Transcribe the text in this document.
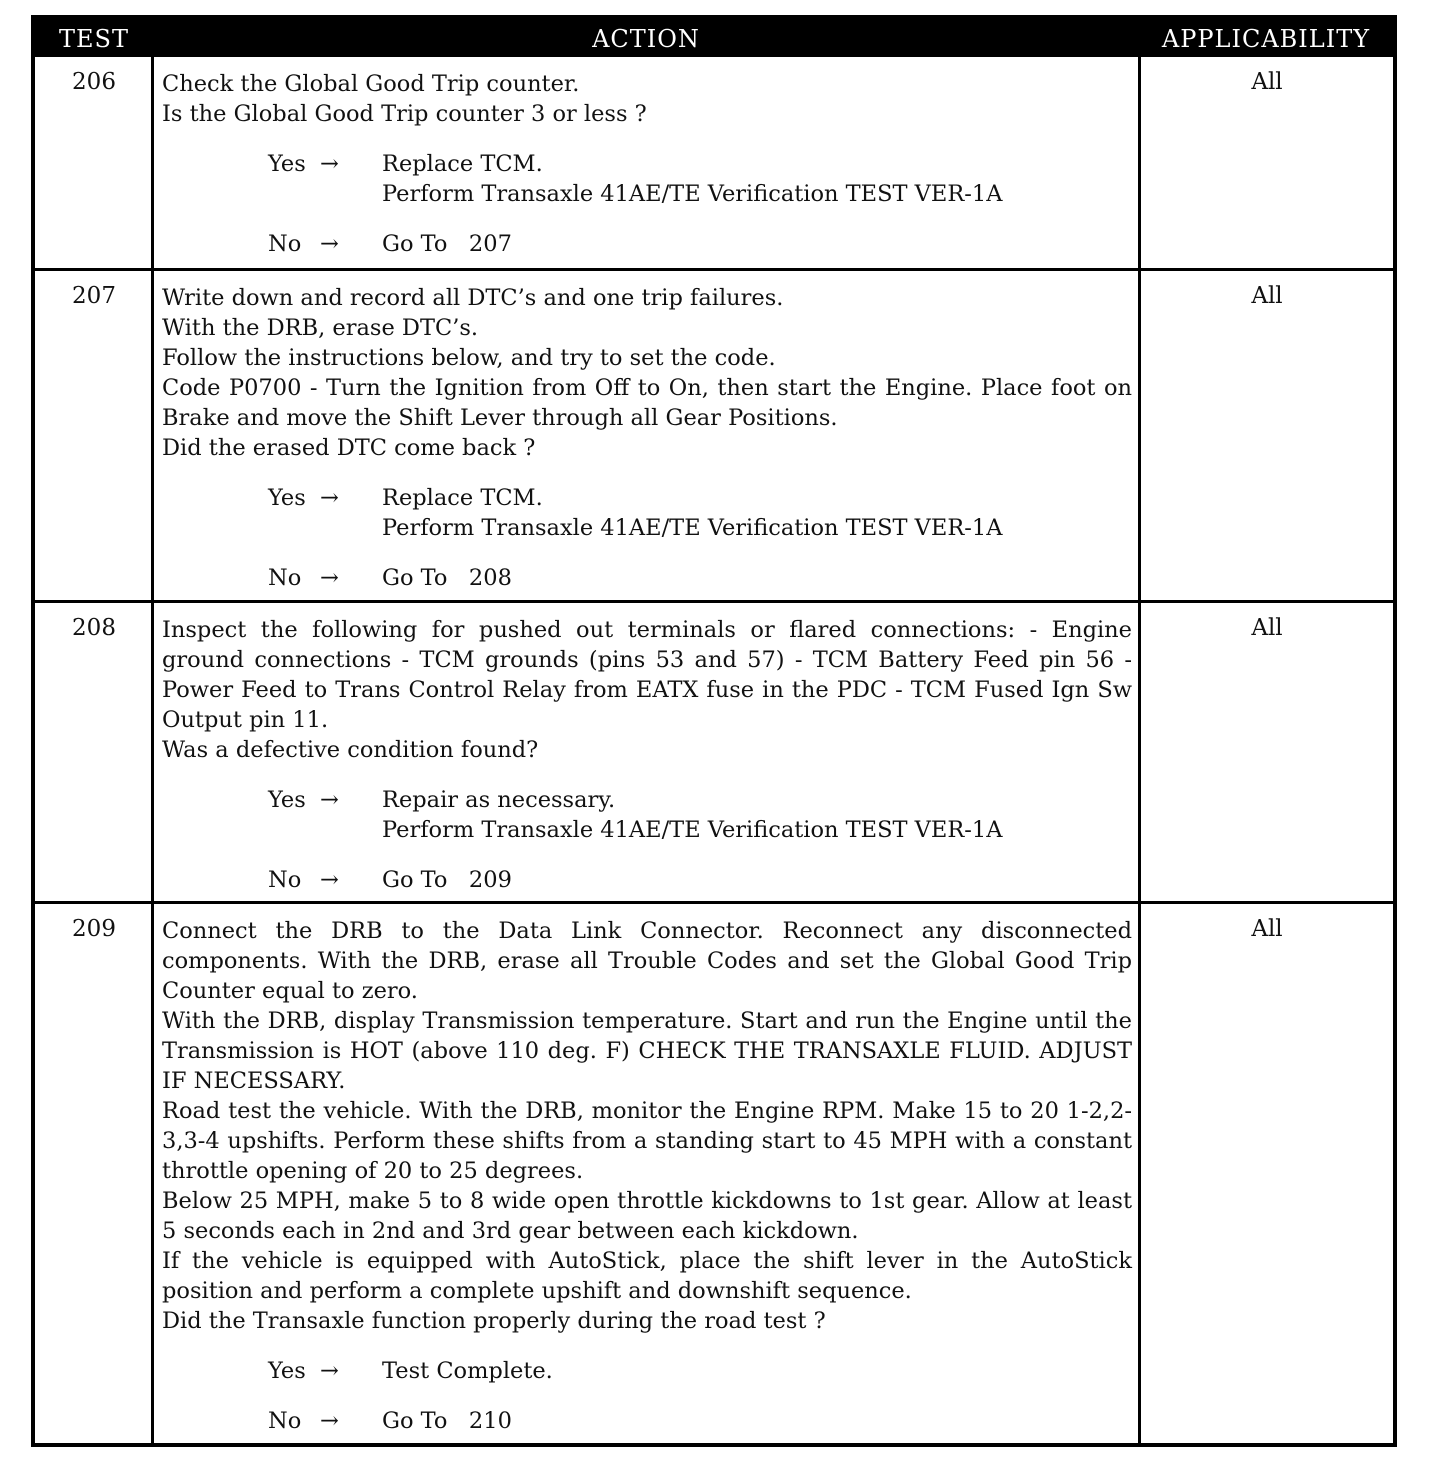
TEST	ACTION	APPLICABILITY
206	Check the Global Good Trip counter.

Is the Global Good Trip counter 3 or less ?

Yes → Replace TCM.
Perform Transaxle 41AE/TE Verification TEST VER-1A
No → Go To   207
All
207	Write down and record all DTC’s and one trip failures.

With the DRB, erase DTC’s.

Follow the instructions below, and try to set the code.

Code P0700 - Turn the Ignition from Off to On, then start the Engine. Place foot on Brake and move the Shift Lever through all Gear Positions.

Did the erased DTC come back ?

Yes → Replace TCM.
Perform Transaxle 41AE/TE Verification TEST VER-1A
No → Go To   208
All
208	Inspect the following for pushed out terminals or flared connections: - Engine ground connections - TCM grounds (pins 53 and 57) - TCM Battery Feed pin 56 - Power Feed to Trans Control Relay from EATX fuse in the PDC - TCM Fused Ign Sw Output pin 11.

Was a defective condition found?

Yes → Repair as necessary.
Perform Transaxle 41AE/TE Verification TEST VER-1A
No → Go To   209
All
209	Connect the DRB to the Data Link Connector. Reconnect any disconnected components. With the DRB, erase all Trouble Codes and set the Global Good Trip Counter equal to zero.

With the DRB, display Transmission temperature. Start and run the Engine until the Transmission is HOT (above 110 deg. F) CHECK THE TRANSAXLE FLUID. ADJUST IF NECESSARY.

Road test the vehicle. With the DRB, monitor the Engine RPM. Make 15 to 20 1-2,2-3,3-4 upshifts. Perform these shifts from a standing start to 45 MPH with a constant throttle opening of 20 to 25 degrees.

Below 25 MPH, make 5 to 8 wide open throttle kickdowns to 1st gear. Allow at least 5 seconds each in 2nd and 3rd gear between each kickdown.

If the vehicle is equipped with AutoStick, place the shift lever in the AutoStick position and perform a complete upshift and downshift sequence.

Did the Transaxle function properly during the road test ?

Yes → Test Complete.
No → Go To   210
All
